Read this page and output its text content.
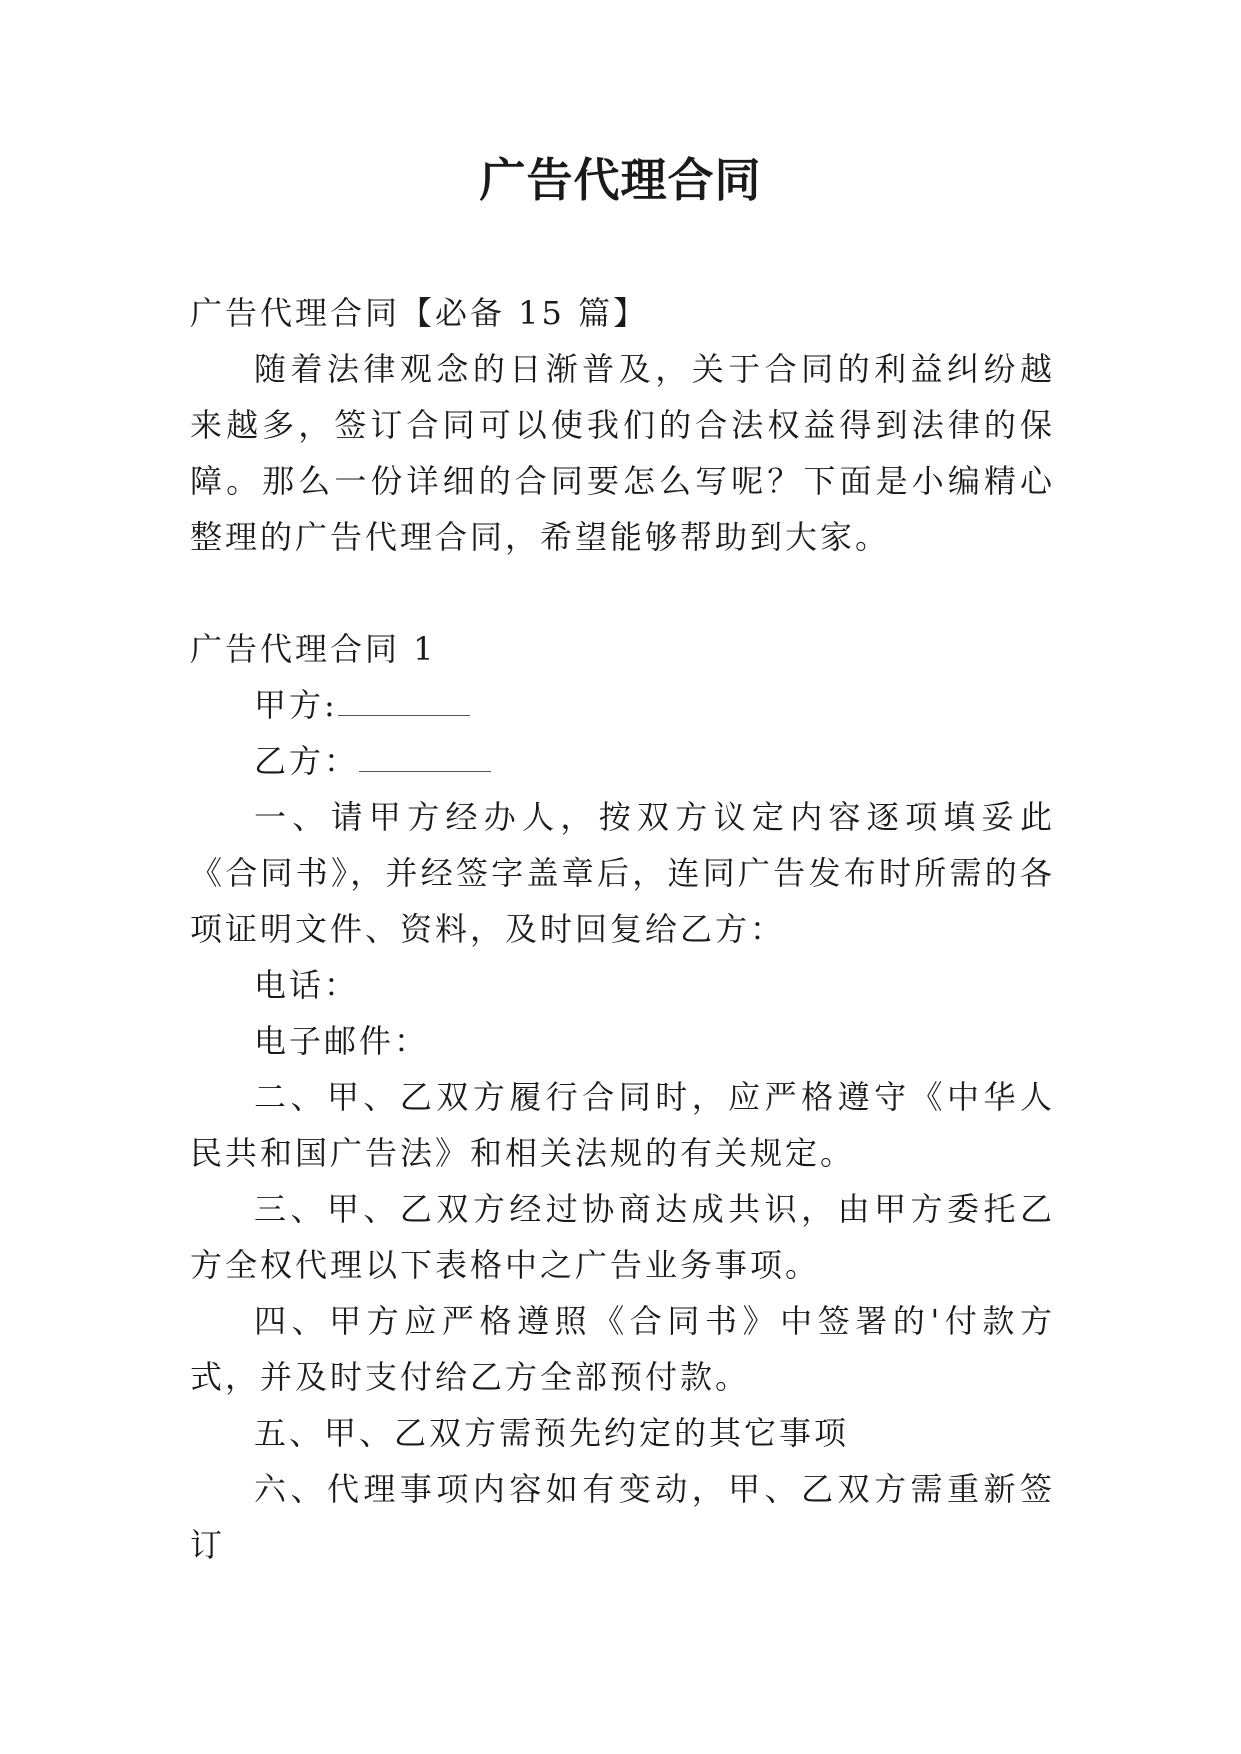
广告代理合同

广告代理合同【必备 15 篇】

随着法律观念的日渐普及，关于合同的利益纠纷越来越多，签订合同可以使我们的合法权益得到法律的保障。那么一份详细的合同要怎么写呢？下面是小编精心整理的广告代理合同，希望能够帮助到大家。

广告代理合同 1

甲方:

乙方：

一、请甲方经办人，按双方议定内容逐项填妥此《合同书》，并经签字盖章后，连同广告发布时所需的各项证明文件、资料，及时回复给乙方：

电话：

电子邮件：

二、甲、乙双方履行合同时，应严格遵守《中华人民共和国广告法》和相关法规的有关规定。

三、甲、乙双方经过协商达成共识，由甲方委托乙方全权代理以下表格中之广告业务事项。

四、甲方应严格遵照《合同书》中签署的'付款方式，并及时支付给乙方全部预付款。

五、甲、乙双方需预先约定的其它事项

六、代理事项内容如有变动，甲、乙双方需重新签订
